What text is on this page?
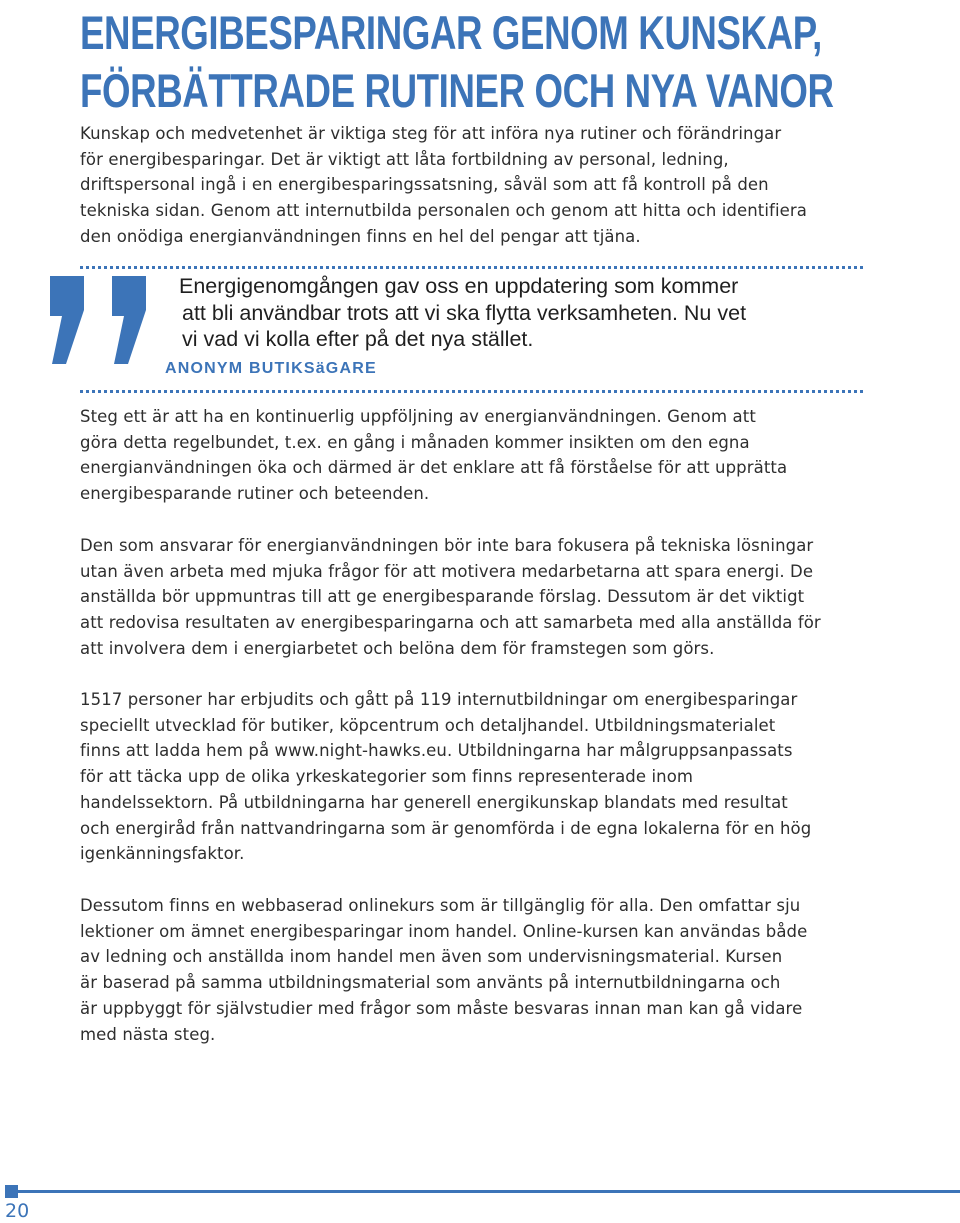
ENERGIBESPARINGAR GENOM KUNSKAP,
FÖRBÄTTRADE RUTINER OCH NYA VANOR

Kunskap och medvetenhet är viktiga steg för att införa nya rutiner och förändringar
för energibesparingar. Det är viktigt att låta fortbildning av personal, ledning,
driftspersonal ingå i en energibesparingssatsning, såväl som att få kontroll på den
tekniska sidan. Genom att internutbilda personalen och genom att hitta och identifiera
den onödiga energianvändningen finns en hel del pengar att tjäna.

Energigenomgången gav oss en uppdatering som kommer
att bli användbar trots att vi ska flytta verksamheten. Nu vet
vi vad vi kolla efter på det nya stället.

ANONYM BUTIKSäGARE

Steg ett är att ha en kontinuerlig uppföljning av energianvändningen. Genom att
göra detta regelbundet, t.ex. en gång i månaden kommer insikten om den egna
energianvändningen öka och därmed är det enklare att få förståelse för att upprätta
energibesparande rutiner och beteenden.

Den som ansvarar för energianvändningen bör inte bara fokusera på tekniska lösningar
utan även arbeta med mjuka frågor för att motivera medarbetarna att spara energi. De
anställda bör uppmuntras till att ge energibesparande förslag. Dessutom är det viktigt
att redovisa resultaten av energibesparingarna och att samarbeta med alla anställda för
att involvera dem i energiarbetet och belöna dem för framstegen som görs.

1517 personer har erbjudits och gått på 119 internutbildningar om energibesparingar
speciellt utvecklad för butiker, köpcentrum och detaljhandel. Utbildningsmaterialet
finns att ladda hem på www.night-hawks.eu. Utbildningarna har målgruppsanpassats
för att täcka upp de olika yrkeskategorier som finns representerade inom
handelssektorn. På utbildningarna har generell energikunskap blandats med resultat
och energiråd från nattvandringarna som är genomförda i de egna lokalerna för en hög
igenkänningsfaktor.

Dessutom finns en webbaserad onlinekurs som är tillgänglig för alla. Den omfattar sju
lektioner om ämnet energibesparingar inom handel. Online-kursen kan användas både
av ledning och anställda inom handel men även som undervisningsmaterial. Kursen
är baserad på samma utbildningsmaterial som använts på internutbildningarna och
är uppbyggt för självstudier med frågor som måste besvaras innan man kan gå vidare
med nästa steg.

20
